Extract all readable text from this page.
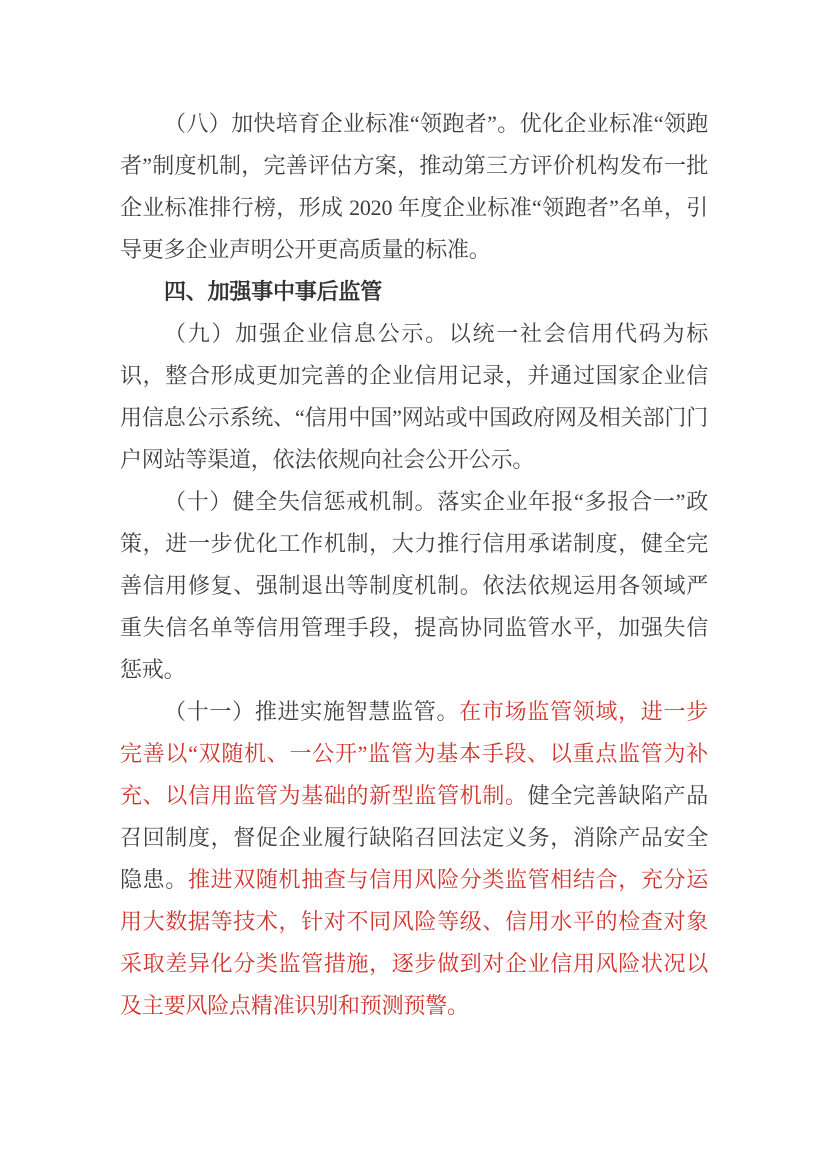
（八）加快培育企业标准“领跑者”。优化企业标准“领跑者”制度机制，完善评估方案，推动第三方评价机构发布一批企业标准排行榜，形成 2020 年度企业标准“领跑者”名单，引导更多企业声明公开更高质量的标准。

四、加强事中事后监管

（九）加强企业信息公示。以统一社会信用代码为标识，整合形成更加完善的企业信用记录，并通过国家企业信用信息公示系统、“信用中国”网站或中国政府网及相关部门门户网站等渠道，依法依规向社会公开公示。

（十）健全失信惩戒机制。落实企业年报“多报合一”政策，进一步优化工作机制，大力推行信用承诺制度，健全完善信用修复、强制退出等制度机制。依法依规运用各领域严重失信名单等信用管理手段，提高协同监管水平，加强失信惩戒。

（十一）推进实施智慧监管。在市场监管领域，进一步完善以“双随机、一公开”监管为基本手段、以重点监管为补充、以信用监管为基础的新型监管机制。健全完善缺陷产品召回制度，督促企业履行缺陷召回法定义务，消除产品安全隐患。推进双随机抽查与信用风险分类监管相结合，充分运用大数据等技术，针对不同风险等级、信用水平的检查对象采取差异化分类监管措施，逐步做到对企业信用风险状况以及主要风险点精准识别和预测预警。
